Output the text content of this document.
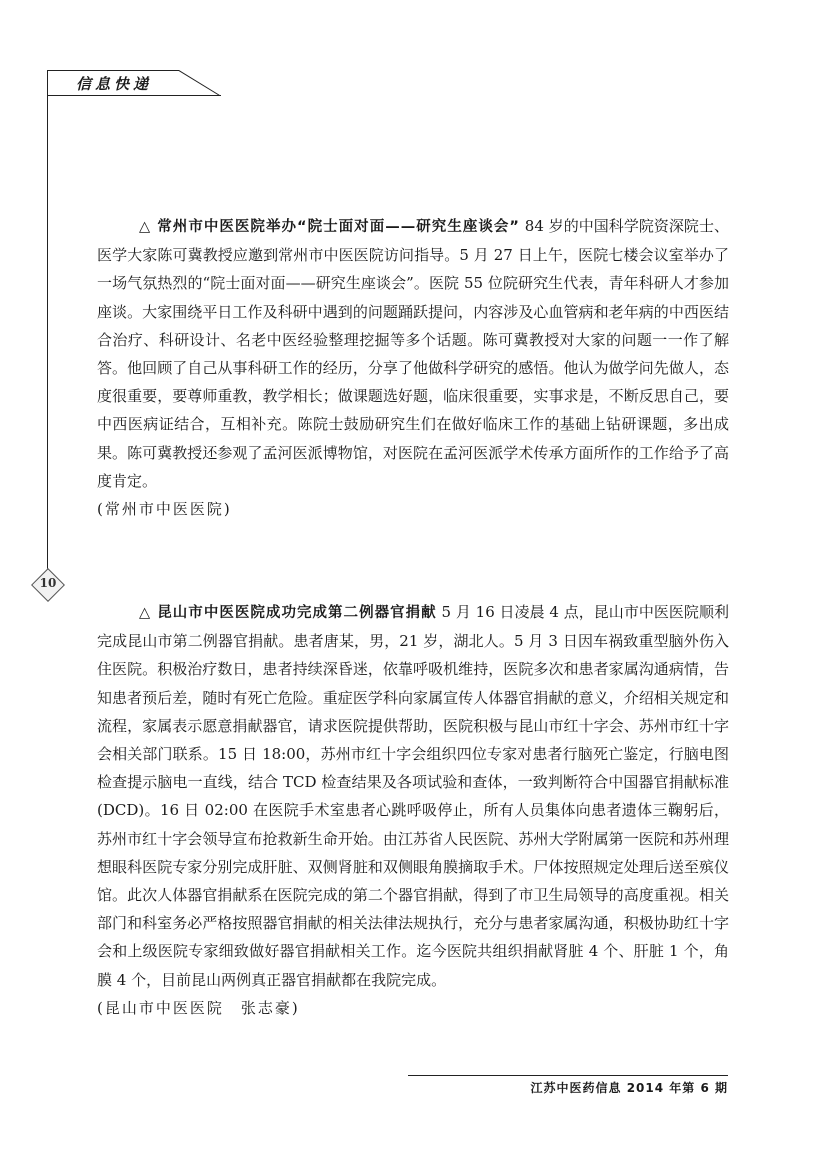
信息快递
10

△ 常州市中医医院举办“院士面对面——研究生座谈会” 84 岁的中国科学院资深院士、医学大家陈可冀教授应邀到常州市中医医院访问指导。5 月 27 日上午，医院七楼会议室举办了一场气氛热烈的“院士面对面——研究生座谈会”。医院 55 位院研究生代表，青年科研人才参加座谈。大家围绕平日工作及科研中遇到的问题踊跃提问，内容涉及心血管病和老年病的中西医结合治疗、科研设计、名老中医经验整理挖掘等多个话题。陈可冀教授对大家的问题一一作了解答。他回顾了自己从事科研工作的经历，分享了他做科学研究的感悟。他认为做学问先做人，态度很重要，要尊师重教，教学相长；做课题选好题，临床很重要，实事求是，不断反思自己，要中西医病证结合，互相补充。陈院士鼓励研究生们在做好临床工作的基础上钻研课题，多出成果。陈可冀教授还参观了孟河医派博物馆，对医院在孟河医派学术传承方面所作的工作给予了高度肯定。

(常州市中医医院)

△ 昆山市中医医院成功完成第二例器官捐献 5 月 16 日凌晨 4 点，昆山市中医医院顺利完成昆山市第二例器官捐献。患者唐某，男，21 岁，湖北人。5 月 3 日因车祸致重型脑外伤入住医院。积极治疗数日，患者持续深昏迷，依靠呼吸机维持，医院多次和患者家属沟通病情，告知患者预后差，随时有死亡危险。重症医学科向家属宣传人体器官捐献的意义，介绍相关规定和流程，家属表示愿意捐献器官，请求医院提供帮助，医院积极与昆山市红十字会、苏州市红十字会相关部门联系。15 日 18:00，苏州市红十字会组织四位专家对患者行脑死亡鉴定，行脑电图检查提示脑电一直线，结合 TCD 检查结果及各项试验和查体，一致判断符合中国器官捐献标准(DCD)。16 日 02:00 在医院手术室患者心跳呼吸停止，所有人员集体向患者遗体三鞠躬后，苏州市红十字会领导宣布抢救新生命开始。由江苏省人民医院、苏州大学附属第一医院和苏州理想眼科医院专家分别完成肝脏、双侧肾脏和双侧眼角膜摘取手术。尸体按照规定处理后送至殡仪馆。此次人体器官捐献系在医院完成的第二个器官捐献，得到了市卫生局领导的高度重视。相关部门和科室务必严格按照器官捐献的相关法律法规执行，充分与患者家属沟通，积极协助红十字会和上级医院专家细致做好器官捐献相关工作。迄今医院共组织捐献肾脏 4 个、肝脏 1 个，角膜 4 个，目前昆山两例真正器官捐献都在我院完成。

(昆山市中医医院　张志豪)

江苏中医药信息 2014 年第 6 期
